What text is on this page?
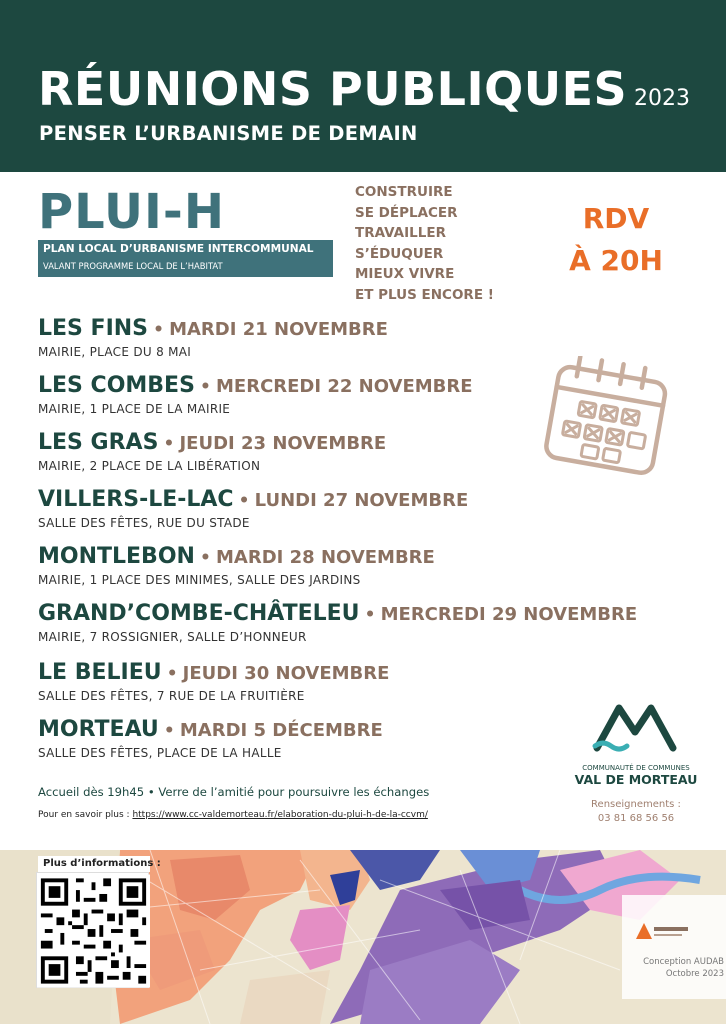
RÉUNIONS PUBLIQUES 2023
PENSER L’URBANISME DE DEMAIN
PLUI-H
PLAN LOCAL D’URBANISME INTERCOMMUNAL
VALANT PROGRAMME LOCAL DE L’HABITAT
CONSTRUIRE
SE DÉPLACER
TRAVAILLER
S’ÉDUQUER
MIEUX VIVRE
ET PLUS ENCORE !
RDV
À 20H
LES FINS • MARDI 21 NOVEMBRE
MAIRIE, PLACE DU 8 MAI
LES COMBES • MERCREDI 22 NOVEMBRE
MAIRIE, 1 PLACE DE LA MAIRIE
LES GRAS • JEUDI 23 NOVEMBRE
MAIRIE, 2 PLACE DE LA LIBÉRATION
VILLERS-LE-LAC • LUNDI 27 NOVEMBRE
SALLE DES FÊTES, RUE DU STADE
MONTLEBON • MARDI 28 NOVEMBRE
MAIRIE, 1 PLACE DES MINIMES, SALLE DES JARDINS
GRAND’COMBE-CHÂTELEU • MERCREDI 29 NOVEMBRE
MAIRIE, 7 ROSSIGNIER, SALLE D’HONNEUR
LE BELIEU • JEUDI 30 NOVEMBRE
SALLE DES FÊTES, 7 RUE DE LA FRUITIÈRE
MORTEAU • MARDI 5 DÉCEMBRE
SALLE DES FÊTES, PLACE DE LA HALLE
Accueil dès 19h45 • Verre de l’amitié pour poursuivre les échanges
Pour en savoir plus : https://www.cc-valdemorteau.fr/elaboration-du-plui-h-de-la-ccvm/
COMMUNAUTÉ DE COMMUNES
VAL DE MORTEAU
Renseignements :
03 81 68 56 56
Plus d’informations :
Conception AUDAB
Octobre 2023
